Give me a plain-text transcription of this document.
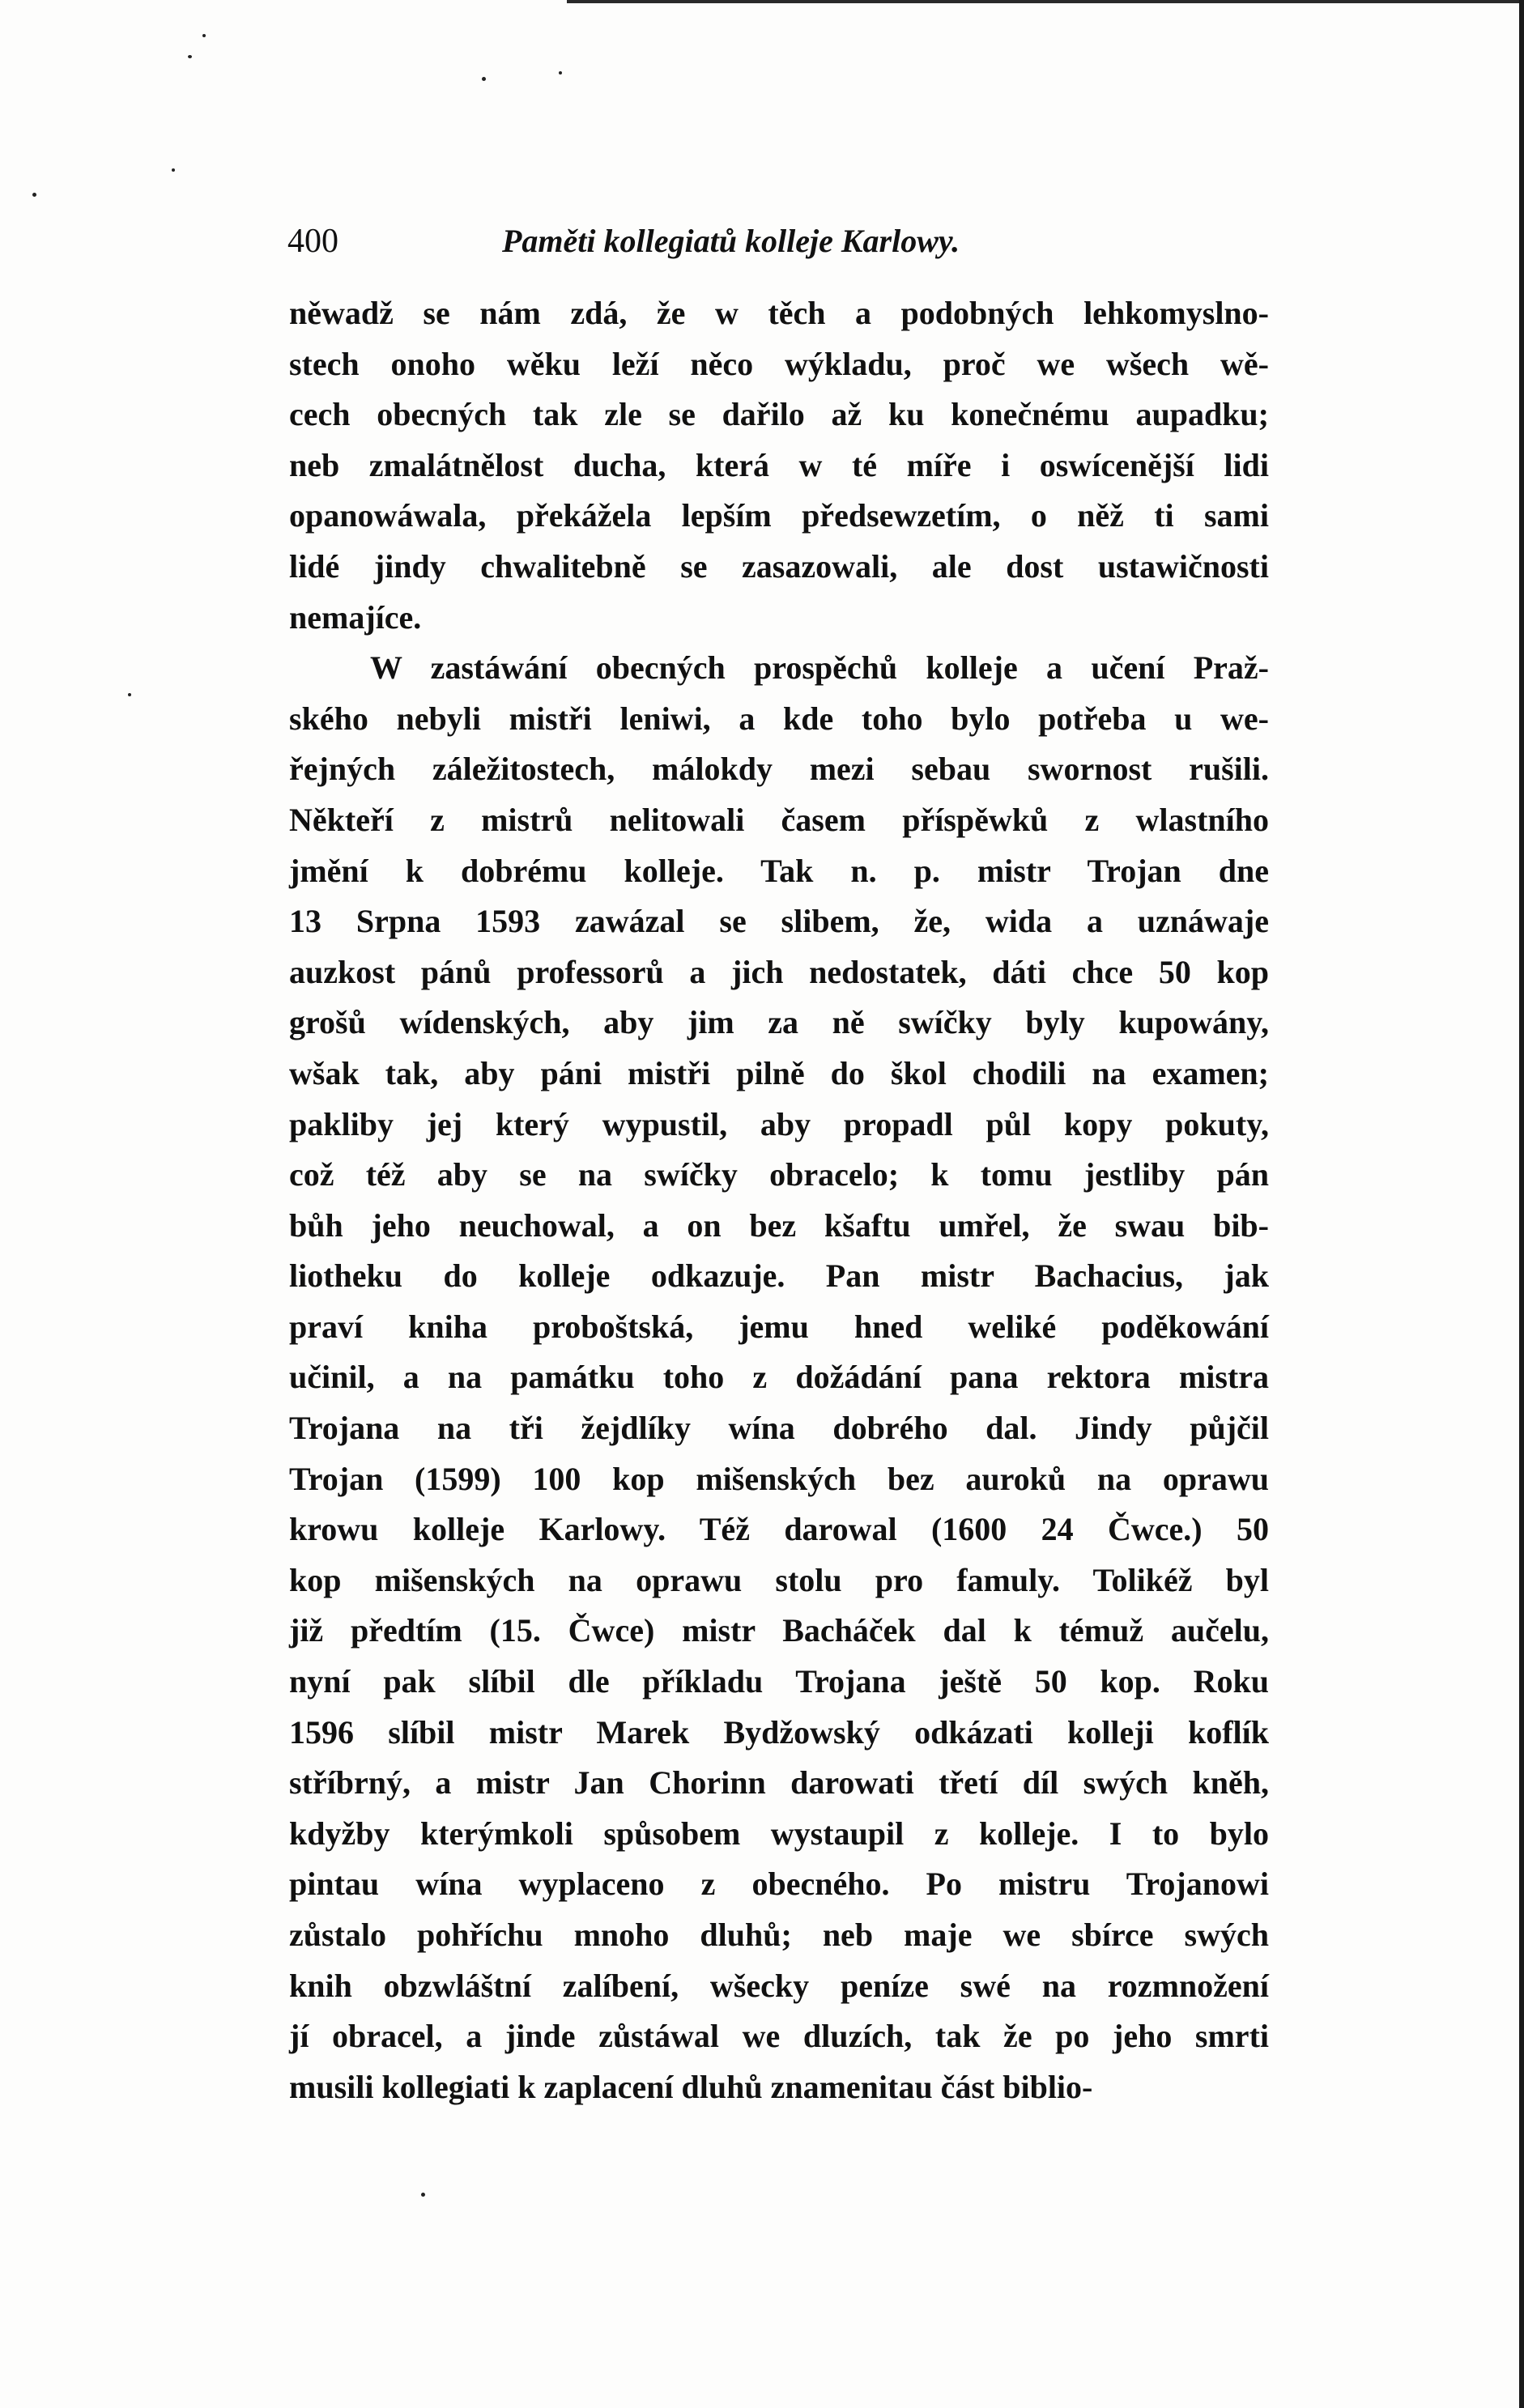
400	Paměti kollegiatů kolleje Karlowy.
něwadž se nám zdá, že w těch a podobných lehkomyslno-
stech onoho wěku leží něco wýkladu, proč we wšech wě-
cech obecných tak zle se dařilo až ku konečnému aupadku;
neb zmalátnělost ducha, která w té míře i oswícenější lidi
opanowáwala, překážela lepším předsewzetím, o něž ti sami
lidé jindy chwalitebně se zasazowali, ale dost ustawičnosti
nemajíce.
W zastáwání obecných prospěchů kolleje a učení Praž-
ského nebyli mistři leniwi, a kde toho bylo potřeba u we-
řejných záležitostech, málokdy mezi sebau swornost rušili.
Někteří z mistrů nelitowali časem příspěwků z wlastního
jmění k dobrému kolleje. Tak n. p. mistr Trojan dne
13 Srpna 1593 zawázal se slibem, že, wida a uznáwaje
auzkost pánů professorů a jich nedostatek, dáti chce 50 kop
grošů wídenských, aby jim za ně swíčky byly kupowány,
wšak tak, aby páni mistři pilně do škol chodili na examen;
pakliby jej který wypustil, aby propadl půl kopy pokuty,
což též aby se na swíčky obracelo; k tomu jestliby pán
bůh jeho neuchowal, a on bez kšaftu umřel, že swau bib-
liotheku do kolleje odkazuje. Pan mistr Bachacius, jak
praví kniha proboštská, jemu hned weliké poděkowání
učinil, a na památku toho z dožádání pana rektora mistra
Trojana na tři žejdlíky wína dobrého dal. Jindy půjčil
Trojan (1599) 100 kop mišenských bez auroků na oprawu
krowu kolleje Karlowy. Též darowal (1600 24 Čwce.) 50
kop mišenských na oprawu stolu pro famuly. Tolikéž byl
již předtím (15. Čwce) mistr Bacháček dal k témuž aučelu,
nyní pak slíbil dle příkladu Trojana ještě 50 kop. Roku
1596 slíbil mistr Marek Bydžowský odkázati kolleji koflík
stříbrný, a mistr Jan Chorinn darowati třetí díl swých kněh,
kdyžby kterýmkoli spůsobem wystaupil z kolleje. I to bylo
pintau wína wyplaceno z obecného. Po mistru Trojanowi
zůstalo pohříchu mnoho dluhů; neb maje we sbírce swých
knih obzwláštní zalíbení, wšecky peníze swé na rozmnožení
jí obracel, a jinde zůstáwal we dluzích, tak že po jeho smrti
musili kollegiati k zaplacení dluhů znamenitau část biblio-
